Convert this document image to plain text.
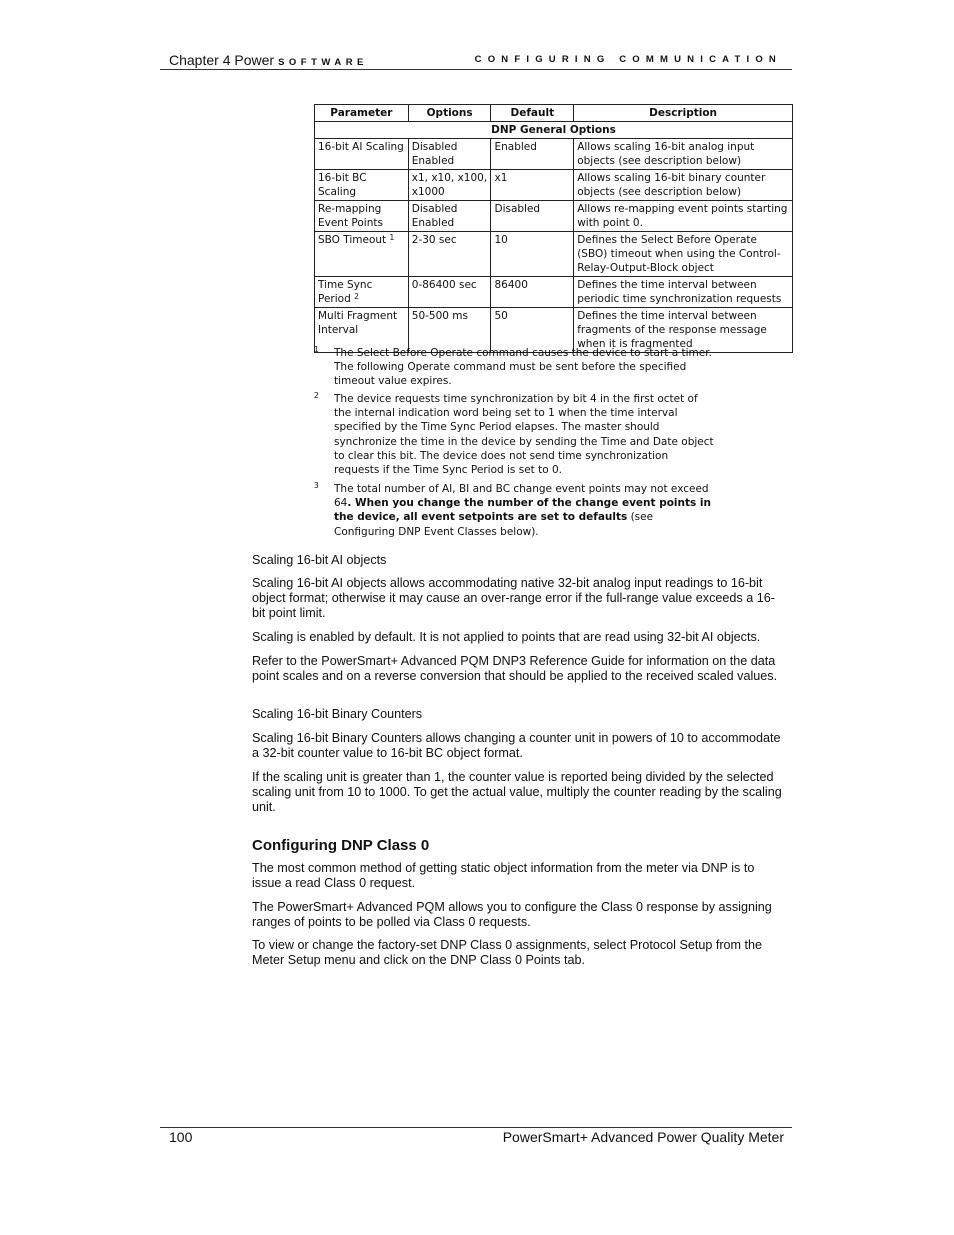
Chapter 4 Power SOFTWARE	CONFIGURING COMMUNICATION
Parameter	Options	Default	Description
DNP General Options			
16-bit AI Scaling	Disabled Enabled	Enabled	Allows scaling 16-bit analog input objects (see description below)
16-bit BC Scaling	x1, x10, x100, x1000	x1	Allows scaling 16-bit binary counter objects (see description below)
Re-mapping Event Points	Disabled Enabled	Disabled	Allows re-mapping event points starting with point 0.
SBO Timeout $^1$	2-30 sec	10	Defines the Select Before Operate (SBO) timeout when using the Control-Relay-Output-Block object
Time Sync Period $^2$	0-86400 sec	86400	Defines the time interval between periodic time synchronization requests
Multi Fragment Interval	50-500 ms	50	Defines the time interval between fragments of the response message when it is fragmented
1 The Select Before Operate command causes the device to start a timer. The following Operate command must be sent before the specified timeout value expires.
2 The device requests time synchronization by bit 4 in the first octet of the internal indication word being set to 1 when the time interval specified by the Time Sync Period elapses. The master should synchronize the time in the device by sending the Time and Date object to clear this bit. The device does not send time synchronization requests if the Time Sync Period is set to 0.
3 The total number of AI, BI and BC change event points may not exceed 64. When you change the number of the change event points in the device, all event setpoints are set to defaults (see Configuring DNP Event Classes below).

Scaling 16-bit AI objects

Scaling 16-bit AI objects allows accommodating native 32-bit analog input readings to 16-bit object format; otherwise it may cause an over-range error if the full-range value exceeds a 16-bit point limit.

Scaling is enabled by default. It is not applied to points that are read using 32-bit AI objects.

Refer to the PowerSmart+ Advanced PQM DNP3 Reference Guide for information on the data point scales and on a reverse conversion that should be applied to the received scaled values.

Scaling 16-bit Binary Counters

Scaling 16-bit Binary Counters allows changing a counter unit in powers of 10 to accommodate a 32-bit counter value to 16-bit BC object format.

If the scaling unit is greater than 1, the counter value is reported being divided by the selected scaling unit from 10 to 1000. To get the actual value, multiply the counter reading by the scaling unit.

Configuring DNP Class 0

The most common method of getting static object information from the meter via DNP is to issue a read Class 0 request.

The PowerSmart+ Advanced PQM allows you to configure the Class 0 response by assigning ranges of points to be polled via Class 0 requests.

To view or change the factory-set DNP Class 0 assignments, select Protocol Setup from the Meter Setup menu and click on the DNP Class 0 Points tab.

100	PowerSmart+ Advanced Power Quality Meter
